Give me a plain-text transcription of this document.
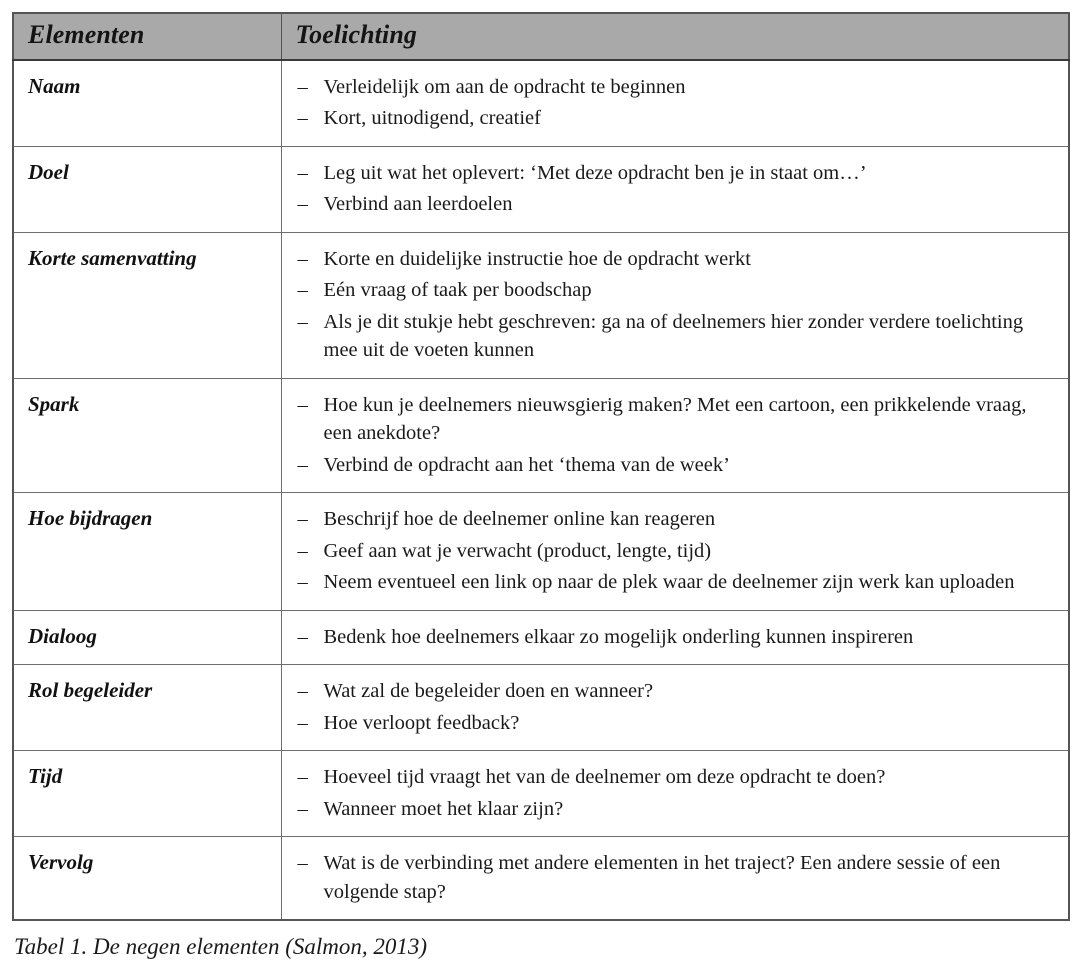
Elementen	Toelichting
Naam	– Verleidelijk om aan de opdracht te beginnen
– Kort, uitnodigend, creatief

Doel	– Leg uit wat het oplevert: ‘Met deze opdracht ben je in staat om…’
– Verbind aan leerdoelen

Korte samenvatting	– Korte en duidelijke instructie hoe de opdracht werkt
– Eén vraag of taak per boodschap
– Als je dit stukje hebt geschreven: ga na of deelnemers hier zonder verdere toelichting mee uit de voeten kunnen

Spark	– Hoe kun je deelnemers nieuwsgierig maken? Met een cartoon, een prikkelende vraag, een anekdote?
– Verbind de opdracht aan het ‘thema van de week’

Hoe bijdragen	– Beschrijf hoe de deelnemer online kan reageren
– Geef aan wat je verwacht (product, lengte, tijd)
– Neem eventueel een link op naar de plek waar de deelnemer zijn werk kan uploaden

Dialoog	– Bedenk hoe deelnemers elkaar zo mogelijk onderling kunnen inspireren

Rol begeleider	– Wat zal de begeleider doen en wanneer?
– Hoe verloopt feedback?

Tijd	– Hoeveel tijd vraagt het van de deelnemer om deze opdracht te doen?
– Wanneer moet het klaar zijn?

Vervolg	– Wat is de verbinding met andere elementen in het traject? Een andere sessie of een volgende stap?
Tabel 1. De negen elementen (Salmon, 2013)
